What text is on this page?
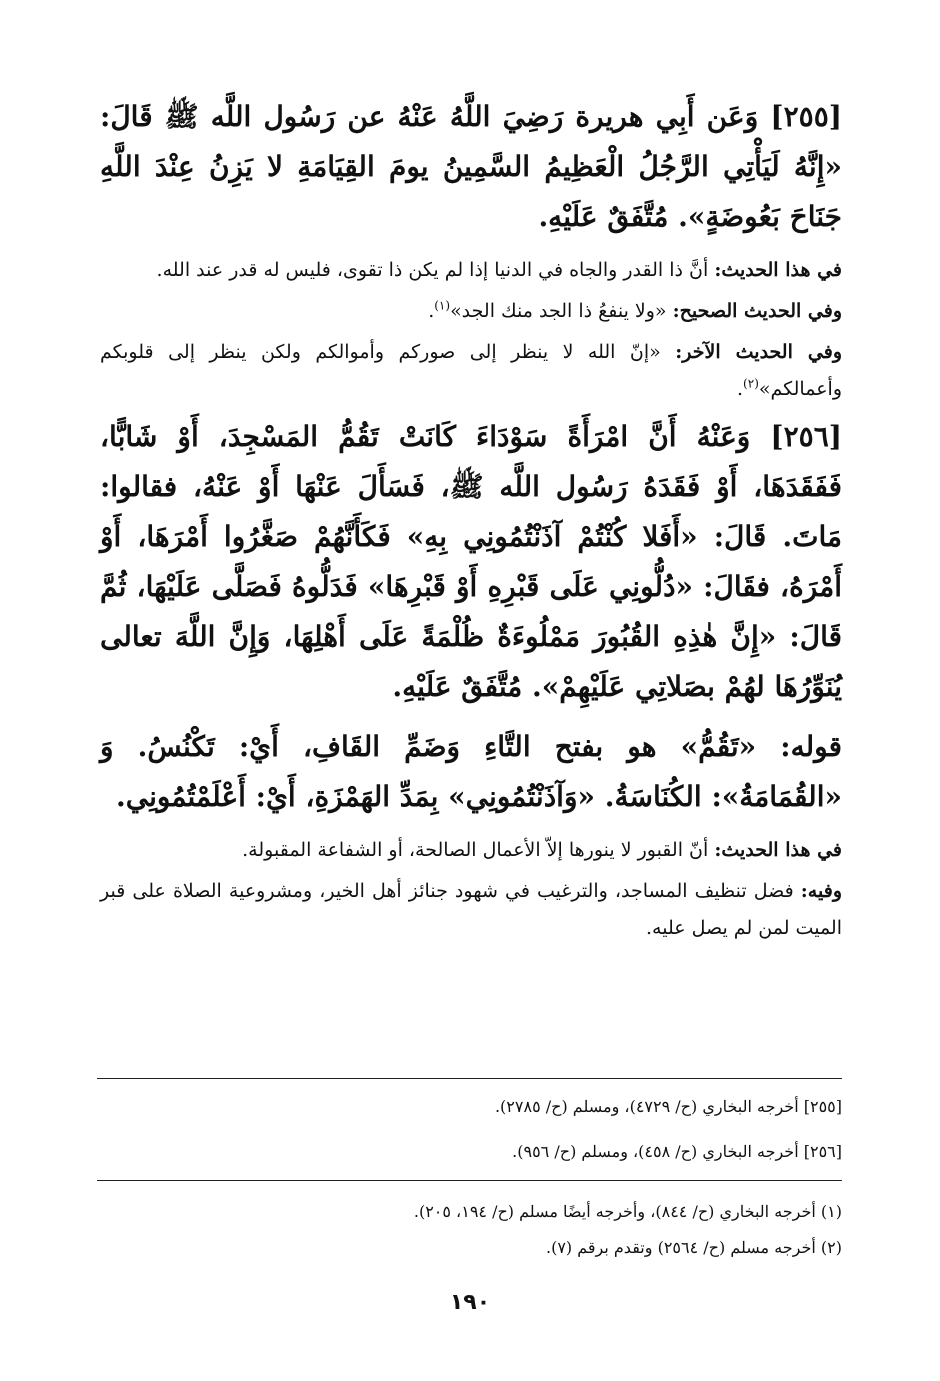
[٢٥٥] وَعَن أَبِي هريرة رَضِيَ اللَّهُ عَنْهُ عن رَسُول اللَّه ﷺ قَالَ: «إِنَّهُ لَيَأْتِي الرَّجُلُ الْعَظِيمُ السَّمِينُ يومَ القِيَامَةِ لا يَزِنُ عِنْدَ اللَّهِ جَنَاحَ بَعُوضَةٍ». مُتَّفَقٌ عَلَيْهِ.

في هذا الحديث: أنَّ ذا القدر والجاه في الدنيا إذا لم يكن ذا تقوى، فليس له قدر عند الله.

وفي الحديث الصحيح: «ولا ينفعُ ذا الجد منك الجد»$^{(١)}$.

وفي الحديث الآخر: «إنّ الله لا ينظر إلى صوركم وأموالكم ولكن ينظر إلى قلوبكم وأعمالكم»$^{(٢)}$.

[٢٥٦] وَعَنْهُ أَنَّ امْرَأَةً سَوْدَاءَ كَانَتْ تَقُمُّ المَسْجِدَ، أَوْ شَابًّا، فَفَقَدَهَا، أَوْ فَقَدَهُ رَسُول اللَّه ﷺ، فَسَأَلَ عَنْهَا أَوْ عَنْهُ، فقالوا: مَاتَ. قَالَ: «أَفَلا كُنْتُمْ آذَنْتُمُونِي بِهِ» فَكَأَنَّهُمْ صَغَّرُوا أَمْرَهَا، أَوْ أَمْرَهُ، فقَالَ: «دُلُّونِي عَلَى قَبْرِهِ أَوْ قَبْرِهَا» فَدَلُّوهُ فَصَلَّى عَلَيْهَا، ثُمَّ قَالَ: «إِنَّ هٰذِهِ القُبُورَ مَمْلُوءَةٌ ظُلْمَةً عَلَى أَهْلِهَا، وَإِنَّ اللَّهَ تعالى يُنَوِّرُهَا لهُمْ بصَلاتِي عَلَيْهِمْ». مُتَّفَقٌ عَلَيْهِ.

قوله: «تَقُمُّ» هو بفتح التَّاءِ وَضَمِّ القَافِ، أَيْ: تَكْنُسُ. وَ «القُمَامَةُ»: الكُنَاسَةُ. «وَآذَنْتُمُونِي» بِمَدِّ الهَمْزَةِ، أَيْ: أَعْلَمْتُمُونِي.

في هذا الحديث: أنّ القبور لا ينورها إلاّ الأعمال الصالحة، أو الشفاعة المقبولة.

وفيه: فضل تنظيف المساجد، والترغيب في شهود جنائز أهل الخير، ومشروعية الصلاة على قبر الميت لمن لم يصل عليه.

[٢٥٥] أخرجه البخاري (ح/ ٤٧٢٩)، ومسلم (ح/ ٢٧٨٥).
[٢٥٦] أخرجه البخاري (ح/ ٤٥٨)، ومسلم (ح/ ٩٥٦).
(١) أخرجه البخاري (ح/ ٨٤٤)، وأخرجه أيضًا مسلم (ح/ ١٩٤، ٢٠٥).
(٢) أخرجه مسلم (ح/ ٢٥٦٤) وتقدم برقم (٧).
١٩٠
